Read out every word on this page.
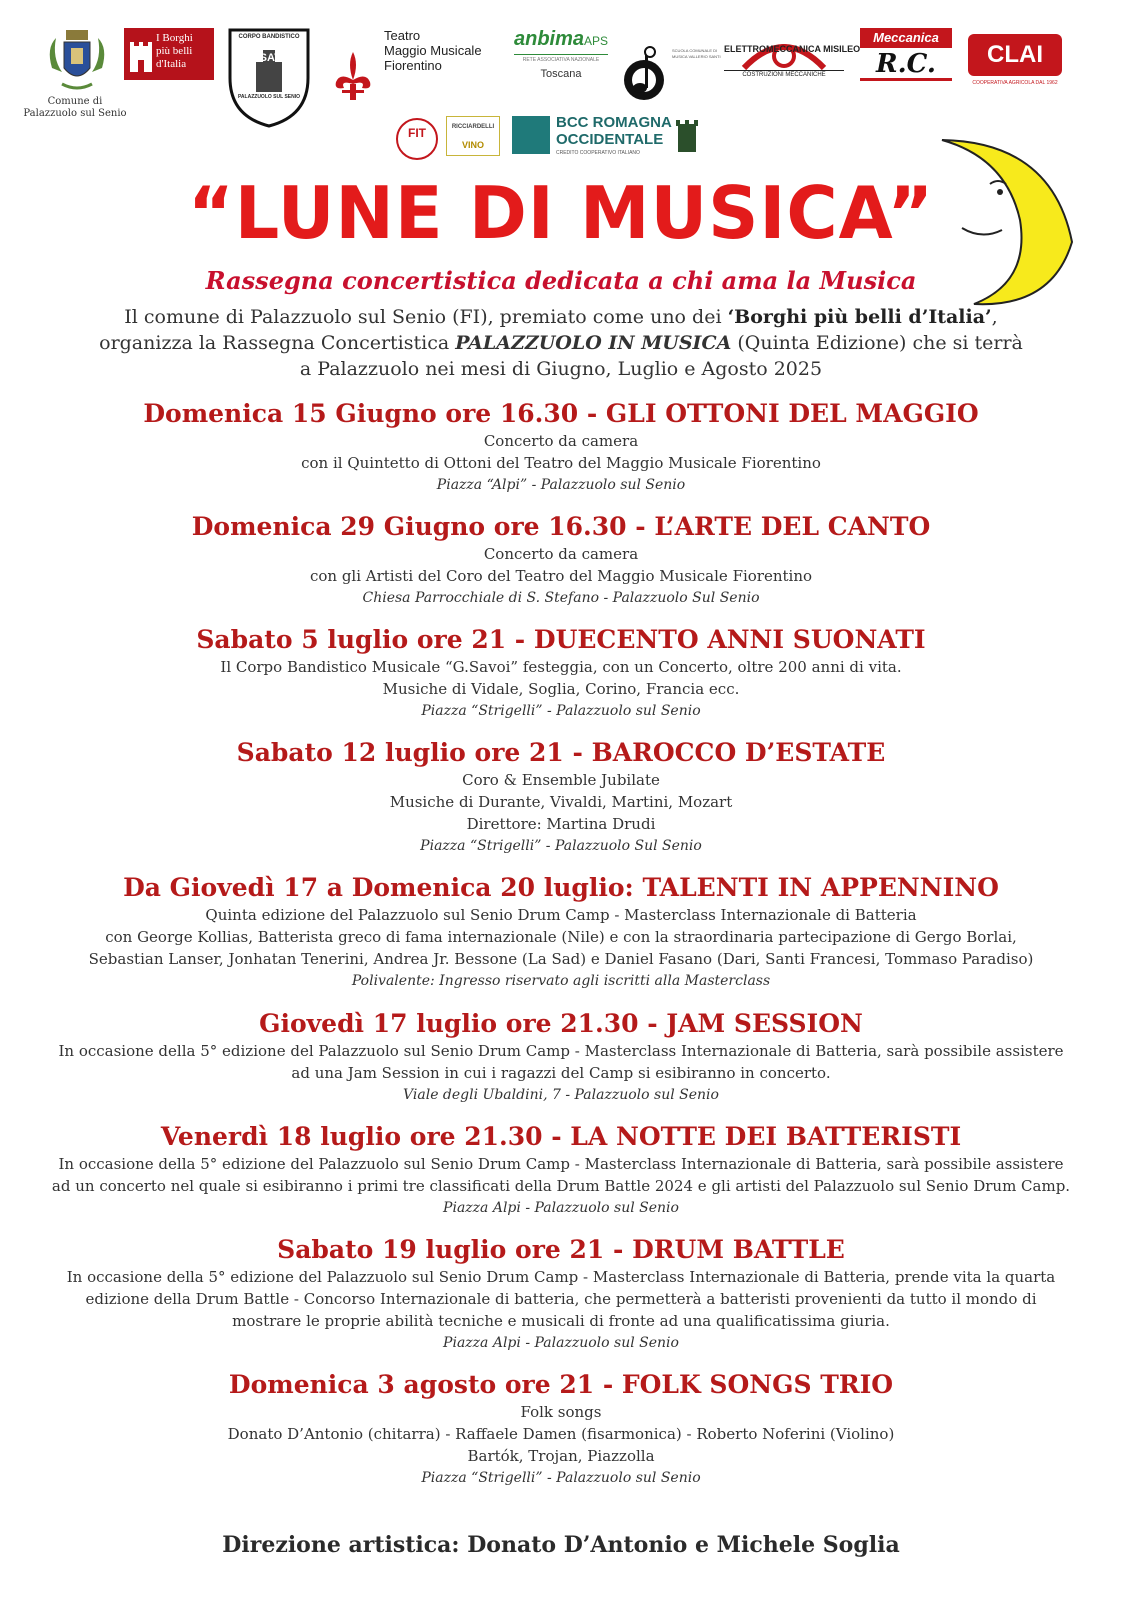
Comune di
Palazzuolo sul Senio
I Borghi
più belli
d'Italia
CORPO BANDISTICO
G. SAVOI
PALAZZUOLO SUL SENIO
Teatro
Maggio Musicale
Fiorentino
anbimaAPS
RETE ASSOCIATIVA NAZIONALE
Toscana
SCUOLA COMUNALE DI MUSICA VALLERIO SANTI
ELETTROMECCANICA MISILEO
COSTRUZIONI MECCANICHE
Meccanica
R.C.	CLAI
COOPERATIVA AGRICOLA DAL 1962
FIT	RICCIARDELLI
VINO
BCC ROMAGNA
OCCIDENTALE
CREDITO COOPERATIVO ITALIANO
“LUNE DI MUSICA”
Rassegna concertistica dedicata a chi ama la Musica
Il comune di Palazzuolo sul Senio (FI), premiato come uno dei ‘Borghi più belli d’Italia’,
organizza la Rassegna Concertistica PALAZZUOLO IN MUSICA (Quinta Edizione) che si terrà
a Palazzuolo nei mesi di Giugno, Luglio e Agosto 2025
Domenica 15 Giugno ore 16.30 - GLI OTTONI DEL MAGGIO
Concerto da camera
con il Quintetto di Ottoni del Teatro del Maggio Musicale Fiorentino
Piazza “Alpi” - Palazzuolo sul Senio
Domenica 29 Giugno ore 16.30 - L’ARTE DEL CANTO
Concerto da camera
con gli Artisti del Coro del Teatro del Maggio Musicale Fiorentino
Chiesa Parrocchiale di S. Stefano - Palazzuolo Sul Senio
Sabato 5 luglio ore 21 - DUECENTO ANNI SUONATI
Il Corpo Bandistico Musicale “G.Savoi” festeggia, con un Concerto, oltre 200 anni di vita.
Musiche di Vidale, Soglia, Corino, Francia ecc.
Piazza “Strigelli” - Palazzuolo sul Senio
Sabato 12 luglio ore 21 - BAROCCO D’ESTATE
Coro & Ensemble Jubilate
Musiche di Durante, Vivaldi, Martini, Mozart
Direttore: Martina Drudi
Piazza “Strigelli” - Palazzuolo Sul Senio
Da Giovedì 17 a Domenica 20 luglio: TALENTI IN APPENNINO
Quinta edizione del Palazzuolo sul Senio Drum Camp - Masterclass Internazionale di Batteria
con George Kollias, Batterista greco di fama internazionale (Nile) e con la straordinaria partecipazione di Gergo Borlai,
Sebastian Lanser, Jonhatan Tenerini, Andrea Jr. Bessone (La Sad) e Daniel Fasano (Dari, Santi Francesi, Tommaso Paradiso)
Polivalente: Ingresso riservato agli iscritti alla Masterclass
Giovedì 17 luglio ore 21.30 - JAM SESSION
In occasione della 5° edizione del Palazzuolo sul Senio Drum Camp - Masterclass Internazionale di Batteria, sarà possibile assistere
ad una Jam Session in cui i ragazzi del Camp si esibiranno in concerto.
Viale degli Ubaldini, 7 - Palazzuolo sul Senio
Venerdì 18 luglio ore 21.30 - LA NOTTE DEI BATTERISTI
In occasione della 5° edizione del Palazzuolo sul Senio Drum Camp - Masterclass Internazionale di Batteria, sarà possibile assistere
ad un concerto nel quale si esibiranno i primi tre classificati della Drum Battle 2024 e gli artisti del Palazzuolo sul Senio Drum Camp.
Piazza Alpi - Palazzuolo sul Senio
Sabato 19 luglio ore 21 - DRUM BATTLE
In occasione della 5° edizione del Palazzuolo sul Senio Drum Camp - Masterclass Internazionale di Batteria, prende vita la quarta
edizione della Drum Battle - Concorso Internazionale di batteria, che permetterà a batteristi provenienti da tutto il mondo di
mostrare le proprie abilità tecniche e musicali di fronte ad una qualificatissima giuria.
Piazza Alpi - Palazzuolo sul Senio
Domenica 3 agosto ore 21 - FOLK SONGS TRIO
Folk songs
Donato D’Antonio (chitarra) - Raffaele Damen (fisarmonica) - Roberto Noferini (Violino)
Bartók, Trojan, Piazzolla
Piazza “Strigelli” - Palazzuolo sul Senio
Direzione artistica: Donato D’Antonio e Michele Soglia
